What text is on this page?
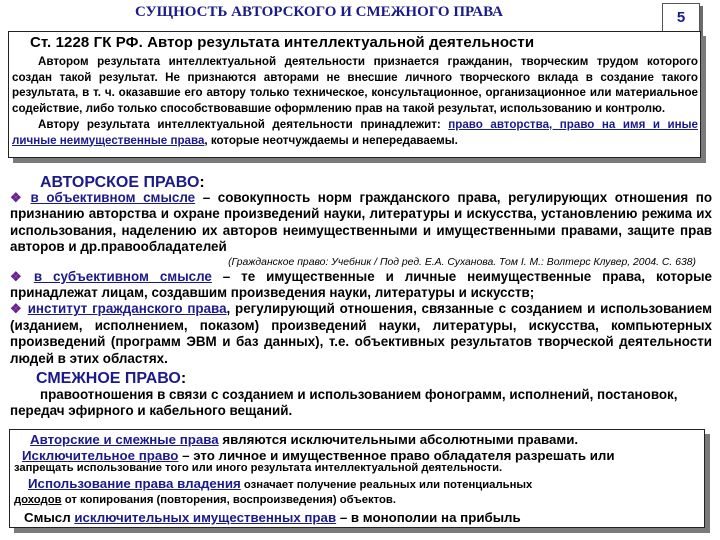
СУЩНОСТЬ АВТОРСКОГО И СМЕЖНОГО ПРАВА	5
Ст. 1228 ГК РФ. Автор результата интеллектуальной деятельности
Автором результата интеллектуальной деятельности признается гражданин, творческим трудом которого создан такой результат. Не признаются авторами не внесшие личного творческого вклада в создание такого результата, в т. ч. оказавшие его автору только техническое, консультационное, организационное или материальное содействие, либо только способствовавшие оформлению прав на такой результат, использованию и контролю.
Автору результата интеллектуальной деятельности принадлежит: право авторства, право на имя и иные личные неимущественные права, которые неотчуждаемы и непередаваемы.
АВТОРСКОЕ ПРАВО:
❖ в объективном смысле – совокупность норм гражданского права, регулирующих отношения по признанию авторства и охране произведений науки, литературы и искусства, установлению режима их использования, наделению их авторов неимущественными и имущественными правами, защите прав авторов и др.правообладателей
(Гражданское право: Учебник / Под ред. Е.А. Суханова. Том I. М.: Волтерс Клувер, 2004. С. 638)
❖ в субъективном смысле – те имущественные и личные неимущественные права, которые принадлежат лицам, создавшим произведения науки, литературы и искусств;
❖ институт гражданского права, регулирующий отношения, связанные с созданием и использованием (изданием, исполнением, показом) произведений науки, литературы, искусства, компьютерных произведений (программ ЭВМ и баз данных), т.е. объективных результатов творческой деятельности людей в этих областях.
СМЕЖНОЕ ПРАВО:
правоотношения в связи с созданием и использованием фонограмм, исполнений, постановок, передач эфирного и кабельного вещаний.
Авторские и смежные права являются исключительными абсолютными правами.
Исключительное право – это личное и имущественное право обладателя разрешать или
запрещать использование того или иного результата интеллектуальной деятельности.
Использование права владения означает получение реальных или потенциальных
доходов от копирования (повторения, воспроизведения) объектов.
Смысл исключительных имущественных прав – в монополии на прибыль
